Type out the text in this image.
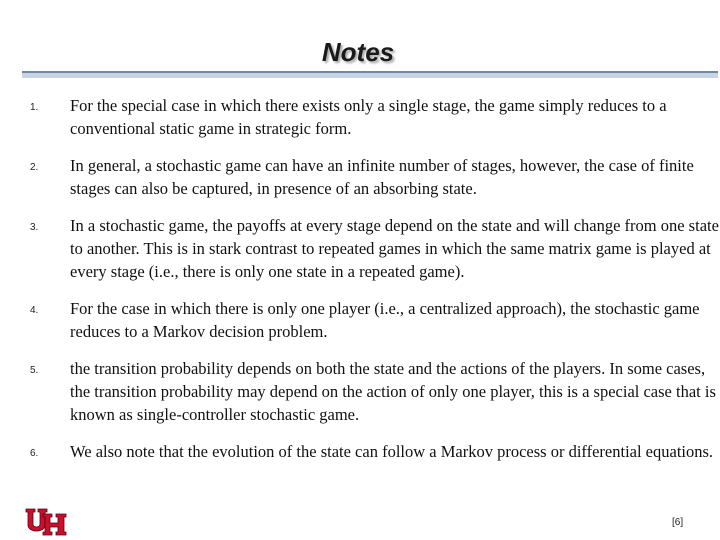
Notes
1. For the special case in which there exists only a single stage, the game simply reduces to a conventional static game in strategic form.
2. In general, a stochastic game can have an infinite number of stages, however, the case of finite stages can also be captured, in presence of an absorbing state.
3. In a stochastic game, the payoffs at every stage depend on the state and will change from one state to another. This is in stark contrast to repeated games in which the same matrix game is played at every stage (i.e., there is only one state in a repeated game).
4. For the case in which there is only one player (i.e., a centralized approach), the stochastic game reduces to a Markov decision problem.
5. the transition probability depends on both the state and the actions of the players. In some cases, the transition probability may depend on the action of only one player, this is a special case that is known as single-controller stochastic game.
6. We also note that the evolution of the state can follow a Markov process or differential equations.
[6]
